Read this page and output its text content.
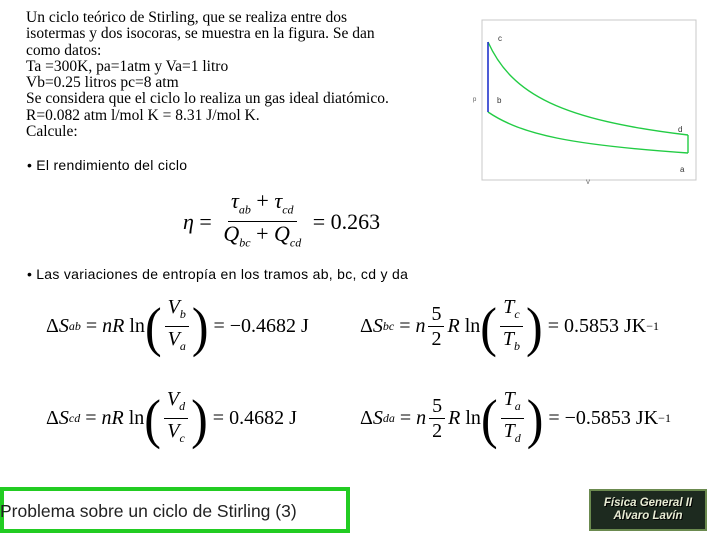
Un ciclo teórico de Stirling, que se realiza entre dos
isotermas y dos isocoras, se muestra en la figura. Se dan
como datos:
Ta =300K, pa=1atm y Va=1 litro
Vb=0.25 litros pc=8 atm
Se considera que el ciclo lo realiza un gas ideal diatómico.
R=0.082 atm l/mol K = 8.31 J/mol K.
Calcule:
c
b
d
a
p
V
• El rendimiento del ciclo
$\eta = \frac{\tau_{ab} + \tau_{cd}}{Q_{bc} + Q_{cd}} = 0.263$
• Las variaciones de entropía en los tramos ab, bc, cd y da
Δ S ab = nR ln ( $\frac{V_b}{V_a}$ ) = −0.4682 J	Δ S bc = n $\frac{5}{2}$ R ln ( $\frac{T_c}{T_b}$ ) = 0.5853 JK −1
Δ S cd = nR ln ( $\frac{V_d}{V_c}$ ) = 0.4682 J	Δ S da = n $\frac{5}{2}$ R ln ( $\frac{T_a}{T_d}$ ) = −0.5853 JK −1
Problema sobre un ciclo de Stirling (3)	Física General II
Alvaro Lavín
